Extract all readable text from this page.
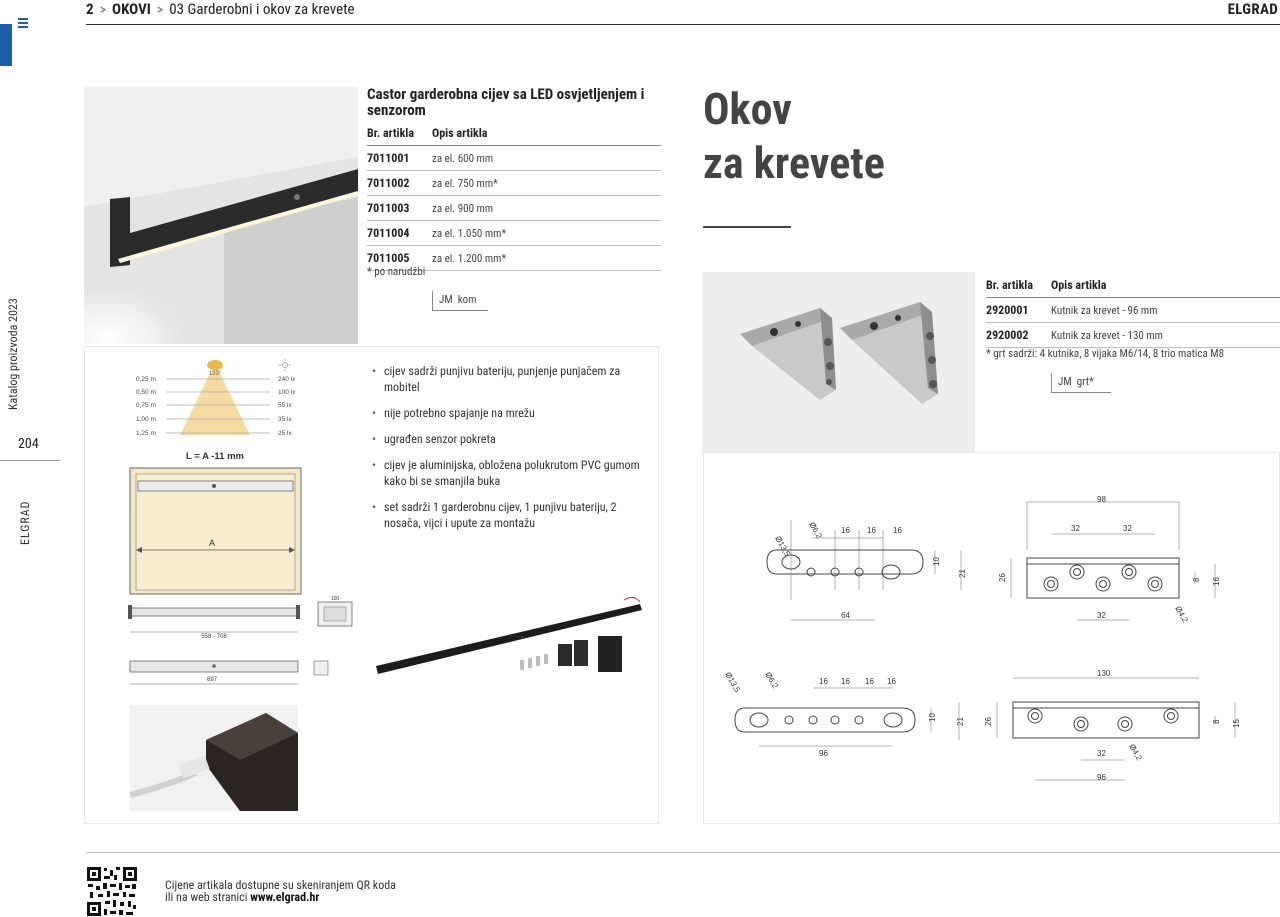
2 > OKOVI > 03 Garderobni i okov za krevete	ELGRAD
Katalog proizvoda 2023
204
ELGRAD
Castor garderobna cijev sa LED osvjetljenjem i senzorom
Br. artikla	Opis artikla
7011001	za el. 600 mm
7011002	za el. 750 mm*
7011003	za el. 900 mm
7011004	za el. 1.050 mm*
7011005	za el. 1.200 mm*
* po narudžbi
JM kom
120°
0,25 m
0,50 m
0,75 m
1,00 m
1,25 m
240 lx
100 lx
55 lx
35 lx
25 lx
L = A -11 mm
A
558 - 708
100
697
• cijev sadrži punjivu bateriju, punjenje punjačem za mobitel
• nije potrebno spajanje na mrežu
• ugrađen senzor pokreta
• cijev je aluminijska, obložena polukrutom PVC gumom kako bi se smanjila buka
• set sadrži 1 garderobnu cijev, 1 punjivu bateriju, 2 nosača, vijci i upute za montažu
Okov
za krevete
Br. artikla	Opis artikla
2920001	Kutnik za krevet - 96 mm
2920002	Kutnik za krevet - 130 mm
* grt sadrži: 4 kutnika, 8 vijaka M6/14, 8 trio matica M8
JM grt*
Ø13,5
Ø6,2 16 16 16
10
21
64
98
32	32
32
26	8 16
Ø4,2
Ø13,5	Ø6,2	16 16 16 16
10 21
96
130
32
96
26	8 15
Ø4,2
Cijene artikala dostupne su skeniranjem QR koda
ili na web stranici www.elgrad.hr
